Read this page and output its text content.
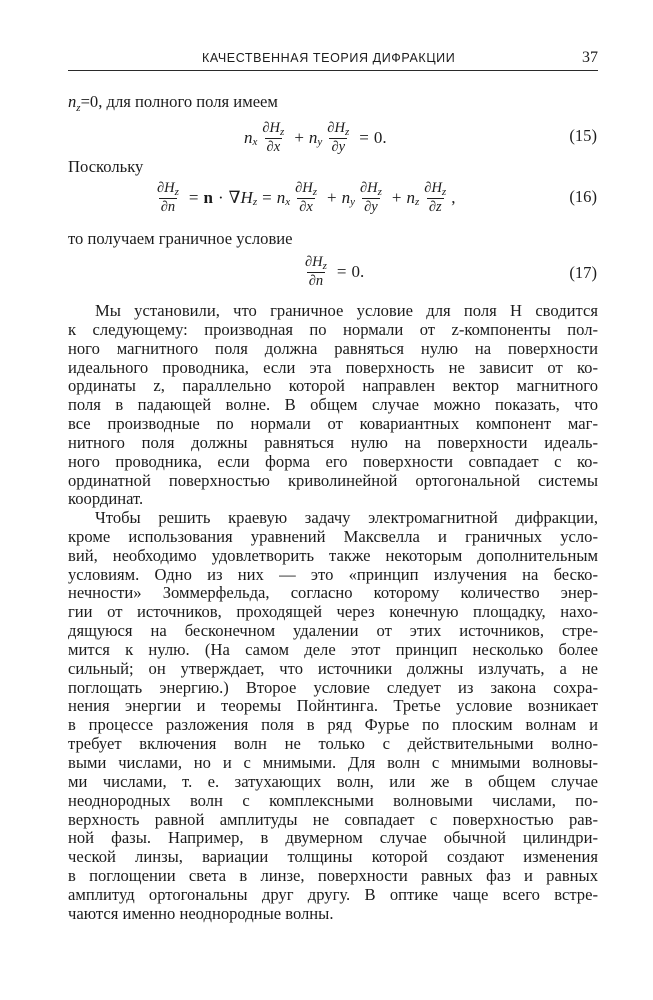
КАЧЕСТВЕННАЯ ТЕОРИЯ ДИФРАКЦИИ	37
$n_z=0$, для полного поля имеем
n x $\frac{\partial H_z}{\partial x} + n$ y $\frac{\partial H_z}{\partial y} = 0$.	(15)
Поскольку
$\frac{\partial H_z}{\partial n} = n$ · ∇ H z = n x $\frac{\partial H_z}{\partial x} + n$ y $\frac{\partial H_z}{\partial y} + n$ z $\frac{\partial H_z}{\partial z}$ ,	(16)
то получаем граничное условие
$\frac{\partial H_z}{\partial n} = 0$.	(17)
Мы установили, что граничное условие для поля H сводится
к следующему: производная по нормали от z-компоненты пол-
ного магнитного поля должна равняться нулю на поверхности
идеального проводника, если эта поверхность не зависит от ко-
ординаты z, параллельно которой направлен вектор магнитного
поля в падающей волне. В общем случае можно показать, что
все производные по нормали от ковариантных компонент маг-
нитного поля должны равняться нулю на поверхности идеаль-
ного проводника, если форма его поверхности совпадает с ко-
ординатной поверхностью криволинейной ортогональной системы
координат.
Чтобы решить краевую задачу электромагнитной дифракции,
кроме использования уравнений Максвелла и граничных усло-
вий, необходимо удовлетворить также некоторым дополнительным
условиям. Одно из них — это «принцип излучения на беско-
нечности» Зоммерфельда, согласно которому количество энер-
гии от источников, проходящей через конечную площадку, нахо-
дящуюся на бесконечном удалении от этих источников, стре-
мится к нулю. (На самом деле этот принцип несколько более
сильный; он утверждает, что источники должны излучать, а не
поглощать энергию.) Второе условие следует из закона сохра-
нения энергии и теоремы Пойнтинга. Третье условие возникает
в процессе разложения поля в ряд Фурье по плоским волнам и
требует включения волн не только с действительными волно-
выми числами, но и с мнимыми. Для волн с мнимыми волновы-
ми числами, т. е. затухающих волн, или же в общем случае
неоднородных волн с комплексными волновыми числами, по-
верхность равной амплитуды не совпадает с поверхностью рав-
ной фазы. Например, в двумерном случае обычной цилиндри-
ческой линзы, вариации толщины которой создают изменения
в поглощении света в линзе, поверхности равных фаз и равных
амплитуд ортогональны друг другу. В оптике чаще всего встре-
чаются именно неоднородные волны.
